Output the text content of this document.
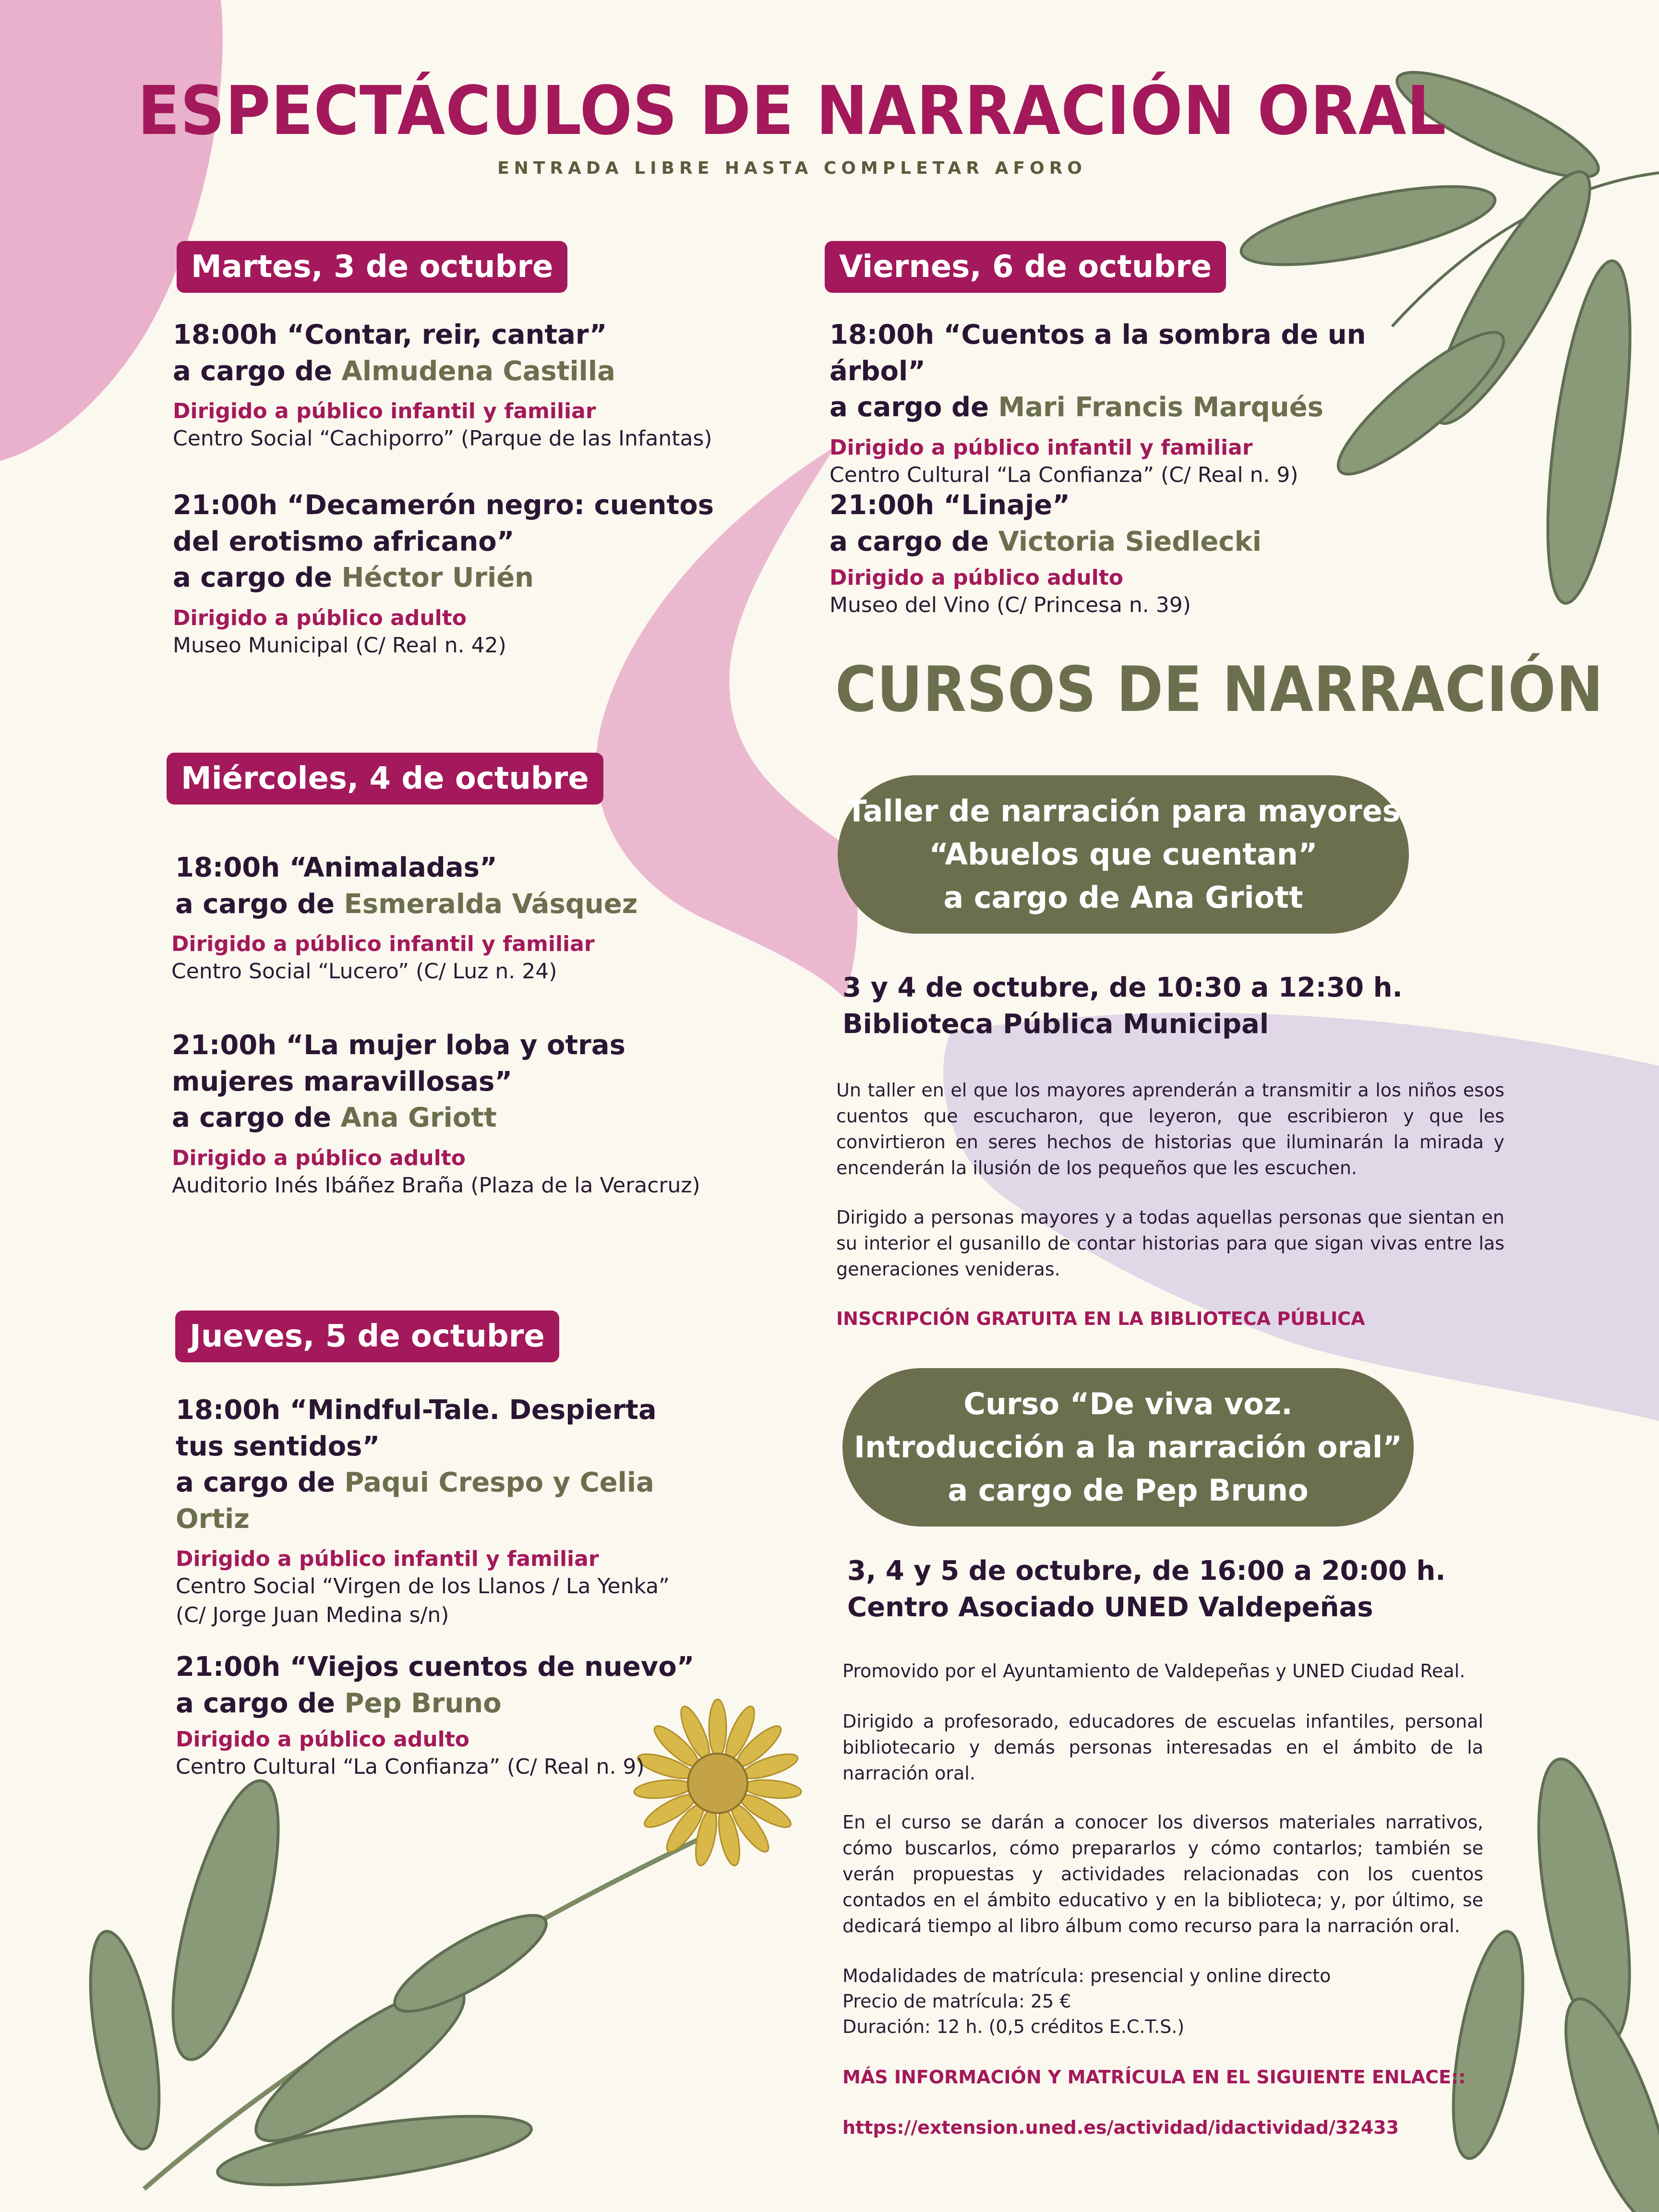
ESPECTÁCULOS DE NARRACIÓN ORAL
ENTRADA LIBRE HASTA COMPLETAR AFORO
Martes, 3 de octubre
18:00h “Contar, reir, cantar”
a cargo de Almudena Castilla
Dirigido a público infantil y familiar
Centro Social “Cachiporro” (Parque de las Infantas)
21:00h “Decamerón negro: cuentos del erotismo africano”
a cargo de Héctor Urién
Dirigido a público adulto
Museo Municipal (C/ Real n. 42)
Miércoles, 4 de octubre
18:00h “Animaladas”
a cargo de Esmeralda Vásquez
Dirigido a público infantil y familiar
Centro Social “Lucero” (C/ Luz n. 24)
21:00h “La mujer loba y otras mujeres maravillosas”
a cargo de Ana Griott
Dirigido a público adulto
Auditorio Inés Ibáñez Braña (Plaza de la Veracruz)
Jueves, 5 de octubre
18:00h “Mindful-Tale. Despierta tus sentidos”
a cargo de Paqui Crespo y Celia Ortiz
Dirigido a público infantil y familiar
Centro Social “Virgen de los Llanos / La Yenka” (C/ Jorge Juan Medina s/n)
21:00h “Viejos cuentos de nuevo”
a cargo de Pep Bruno
Dirigido a público adulto
Centro Cultural “La Confianza” (C/ Real n. 9)
Viernes, 6 de octubre
18:00h “Cuentos a la sombra de un árbol”
a cargo de Mari Francis Marqués
Dirigido a público infantil y familiar
Centro Cultural “La Confianza” (C/ Real n. 9)
21:00h “Linaje”
a cargo de Victoria Siedlecki
Dirigido a público adulto
Museo del Vino (C/ Princesa n. 39)
CURSOS DE NARRACIÓN
Taller de narración para mayores
“Abuelos que cuentan”
a cargo de Ana Griott
3 y 4 de octubre, de 10:30 a 12:30 h.
Biblioteca Pública Municipal
Un taller en el que los mayores aprenderán a transmitir a los niños esos cuentos que escucharon, que leyeron, que escribieron y que les convirtieron en seres hechos de historias que iluminarán la mirada y encenderán la ilusión de los pequeños que les escuchen.
Dirigido a personas mayores y a todas aquellas personas que sientan en su interior el gusanillo de contar historias para que sigan vivas entre las generaciones venideras.
INSCRIPCIÓN GRATUITA EN LA BIBLIOTECA PÚBLICA
Curso “De viva voz.
Introducción a la narración oral”
a cargo de Pep Bruno
3, 4 y 5 de octubre, de 16:00 a 20:00 h.
Centro Asociado UNED Valdepeñas
Promovido por el Ayuntamiento de Valdepeñas y UNED Ciudad Real.
Dirigido a profesorado, educadores de escuelas infantiles, personal bibliotecario y demás personas interesadas en el ámbito de la narración oral.
En el curso se darán a conocer los diversos materiales narrativos, cómo buscarlos, cómo prepararlos y cómo contarlos; también se verán propuestas y actividades relacionadas con los cuentos contados en el ámbito educativo y en la biblioteca; y, por último, se dedicará tiempo al libro álbum como recurso para la narración oral.
Modalidades de matrícula: presencial y online directo
Precio de matrícula: 25 €
Duración: 12 h. (0,5 créditos E.C.T.S.)
MÁS INFORMACIÓN Y MATRÍCULA EN EL SIGUIENTE ENLACE::
https://extension.uned.es/actividad/idactividad/32433
